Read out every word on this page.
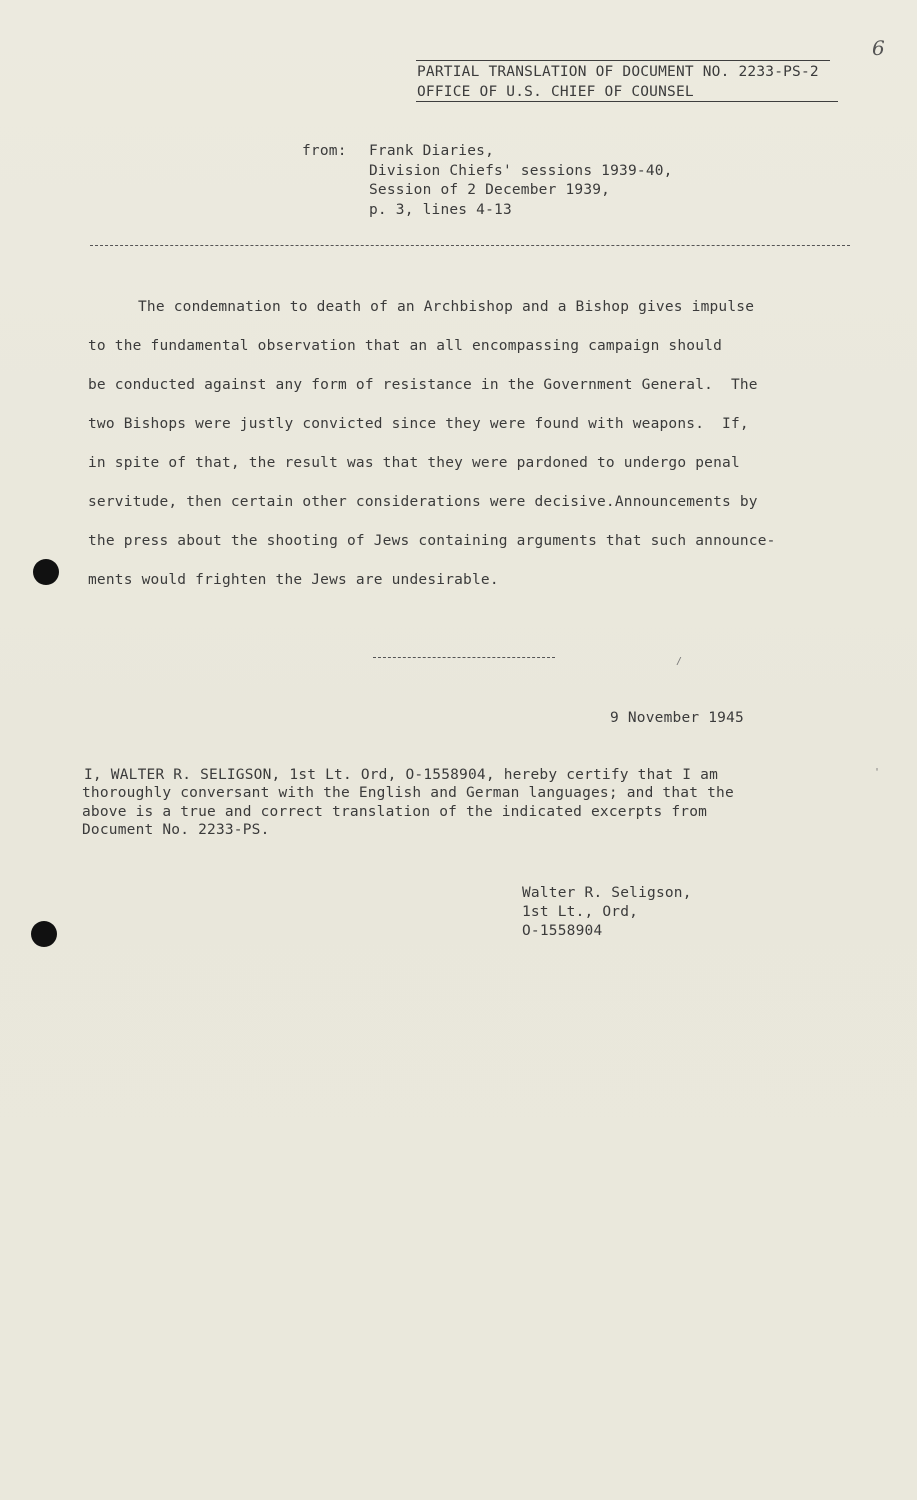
6
PARTIAL TRANSLATION OF DOCUMENT NO. 2233-PS-2
OFFICE OF U.S. CHIEF OF COUNSEL
from: Frank Diaries,
Division Chiefs' sessions 1939-40,
Session of 2 December 1939,
p. 3, lines 4-13
The condemnation to death of an Archbishop and a Bishop gives impulse
to the fundamental observation that an all encompassing campaign should
be conducted against any form of resistance in the Government General.  The
two Bishops were justly convicted since they were found with weapons.  If,
in spite of that, the result was that they were pardoned to undergo penal
servitude, then certain other considerations were decisive.Announcements by
the press about the shooting of Jews containing arguments that such announce-
ments would frighten the Jews are undesirable.
9 November 1945
I, WALTER R. SELIGSON, 1st Lt. Ord, O-1558904, hereby certify that I am
thoroughly conversant with the English and German languages; and that the
above is a true and correct translation of the indicated excerpts from
Document No. 2233-PS.
Walter R. Seligson,
1st Lt., Ord,
O-1558904
'
/
